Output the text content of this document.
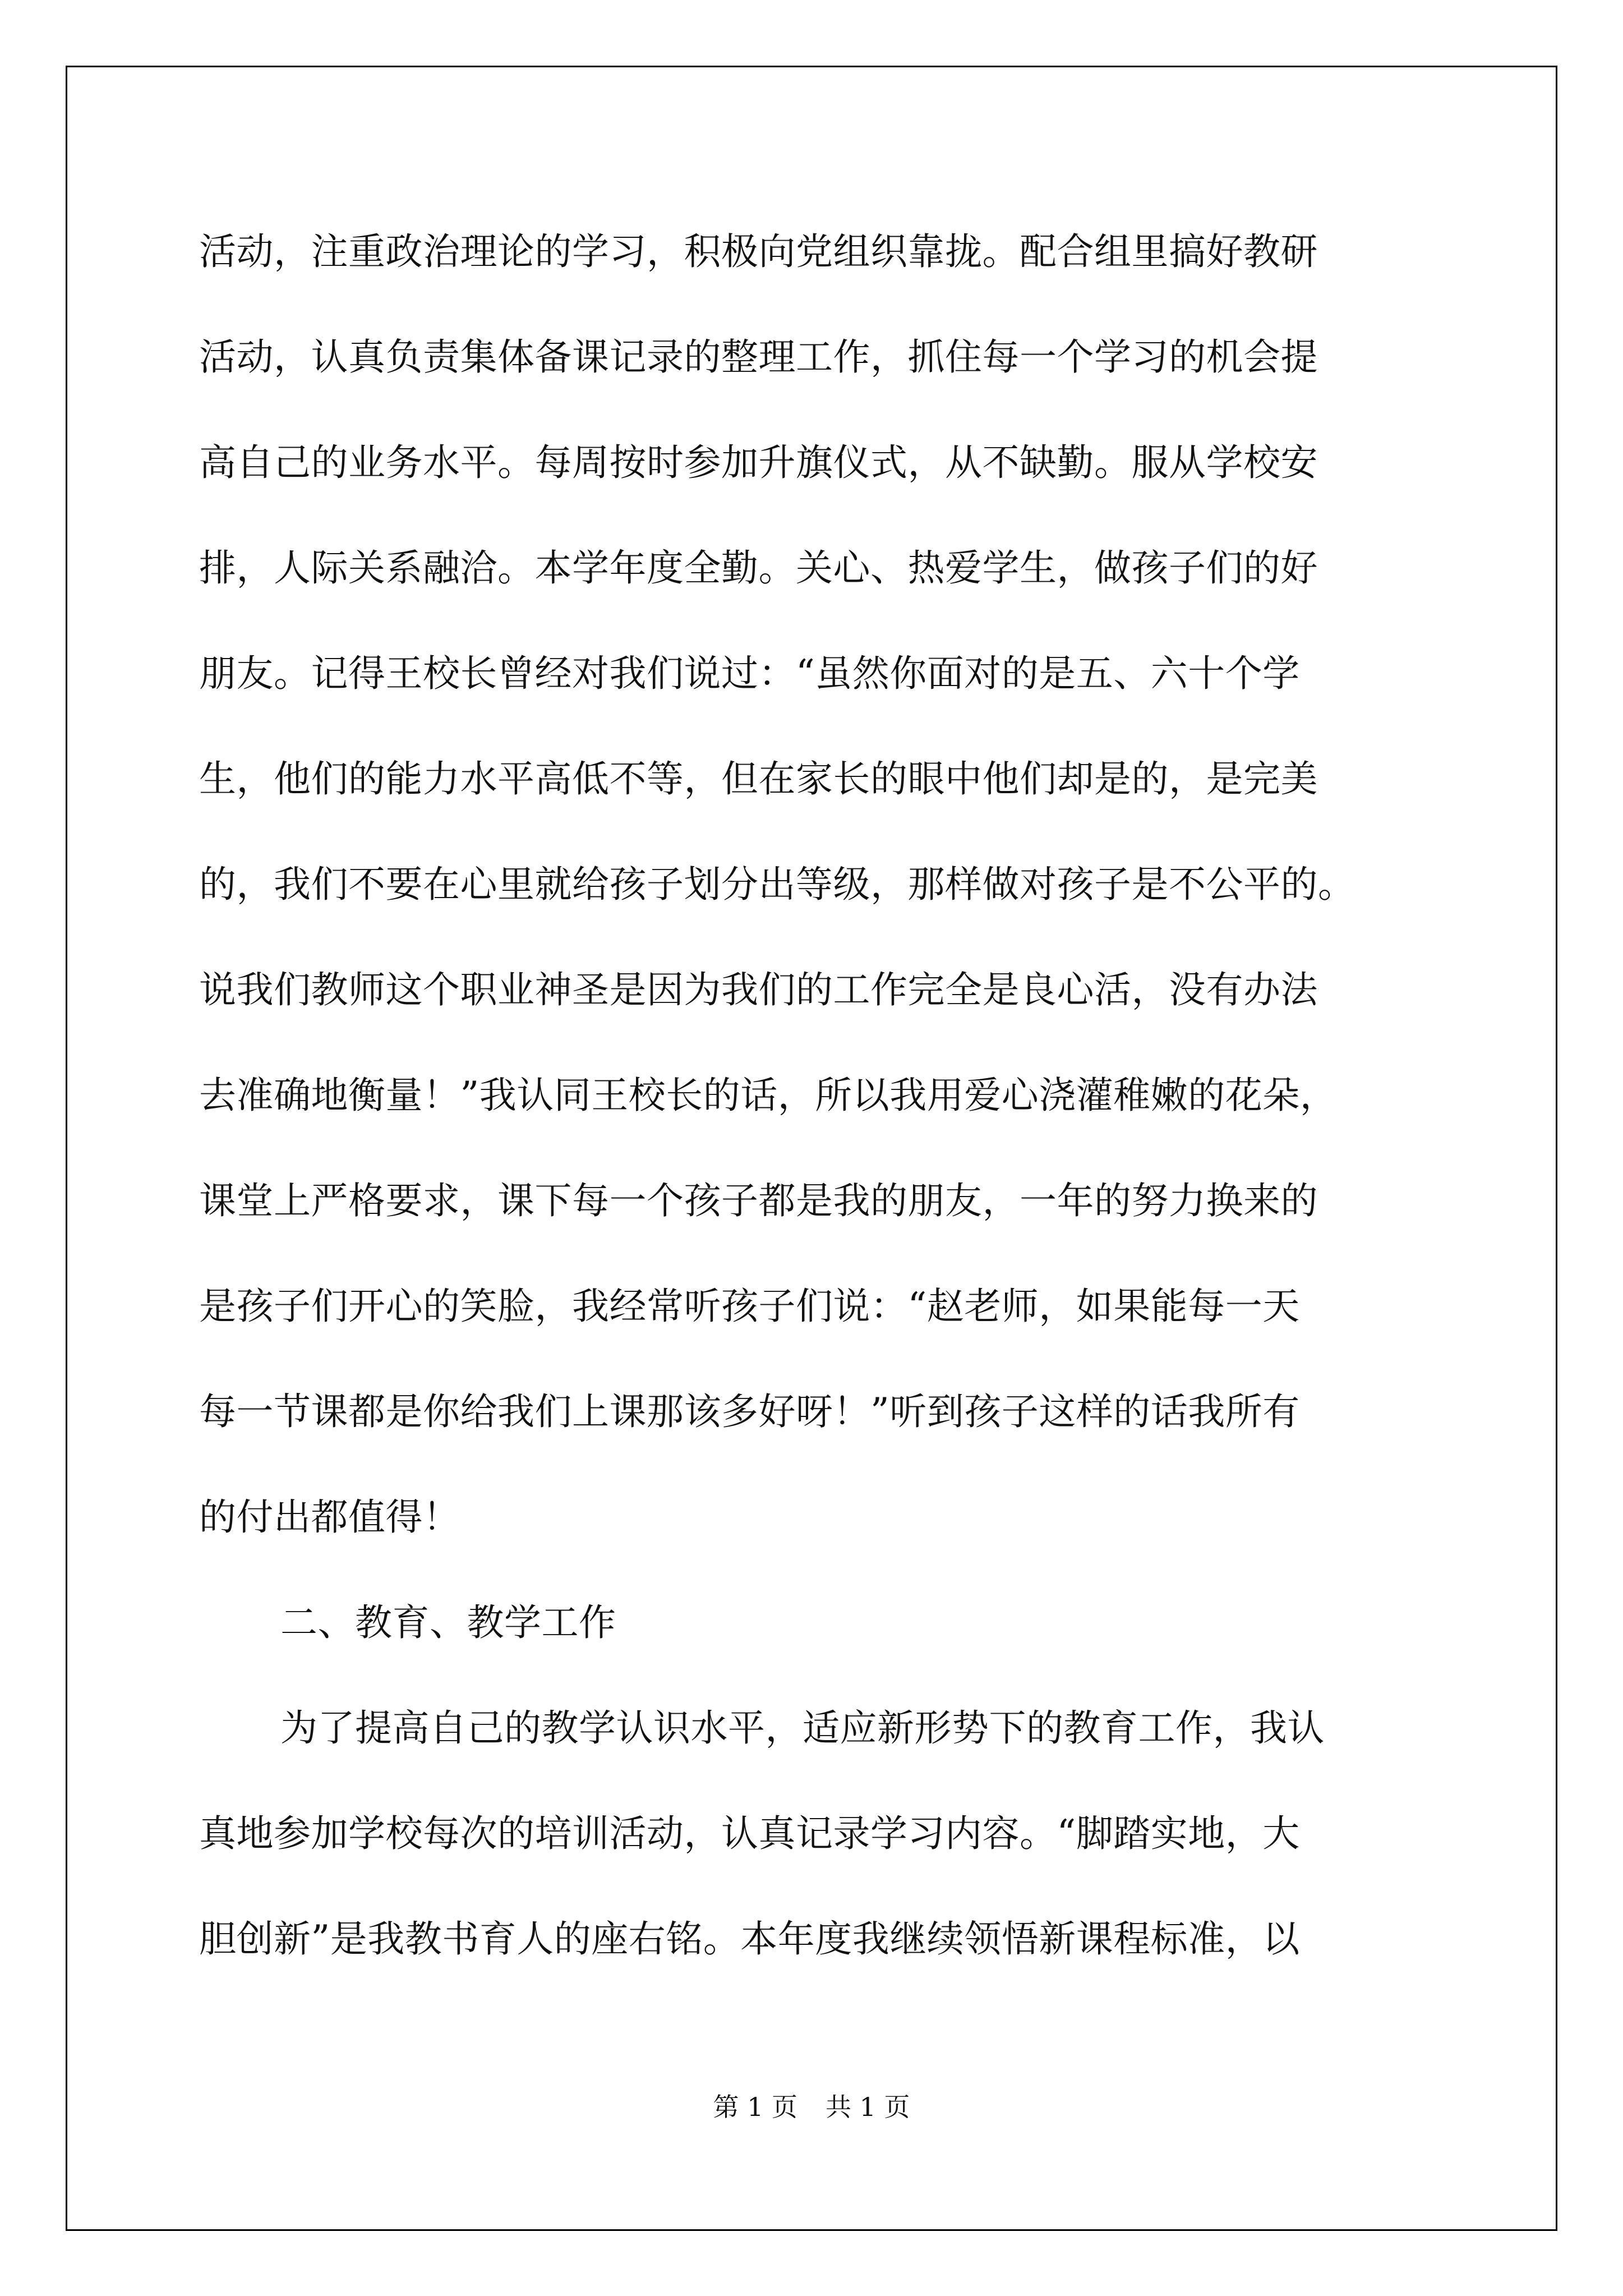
活动，注重政治理论的学习，积极向党组织靠拢。配合组里搞好教研
活动，认真负责集体备课记录的整理工作，抓住每一个学习的机会提
高自己的业务水平。每周按时参加升旗仪式，从不缺勤。服从学校安
排，人际关系融洽。本学年度全勤。关心、热爱学生，做孩子们的好
朋友。记得王校长曾经对我们说过：“虽然你面对的是五、六十个学
生，他们的能力水平高低不等，但在家长的眼中他们却是的，是完美
的，我们不要在心里就给孩子划分出等级，那样做对孩子是不公平的。
说我们教师这个职业神圣是因为我们的工作完全是良心活，没有办法
去准确地衡量！”我认同王校长的话，所以我用爱心浇灌稚嫩的花朵，
课堂上严格要求，课下每一个孩子都是我的朋友，一年的努力换来的
是孩子们开心的笑脸，我经常听孩子们说：“赵老师，如果能每一天
每一节课都是你给我们上课那该多好呀！”听到孩子这样的话我所有
的付出都值得！
二、教育、教学工作
为了提高自己的教学认识水平，适应新形势下的教育工作，我认
真地参加学校每次的培训活动，认真记录学习内容。“脚踏实地，大
胆创新”是我教书育人的座右铭。本年度我继续领悟新课程标准，以
第 1 页 共 1 页
